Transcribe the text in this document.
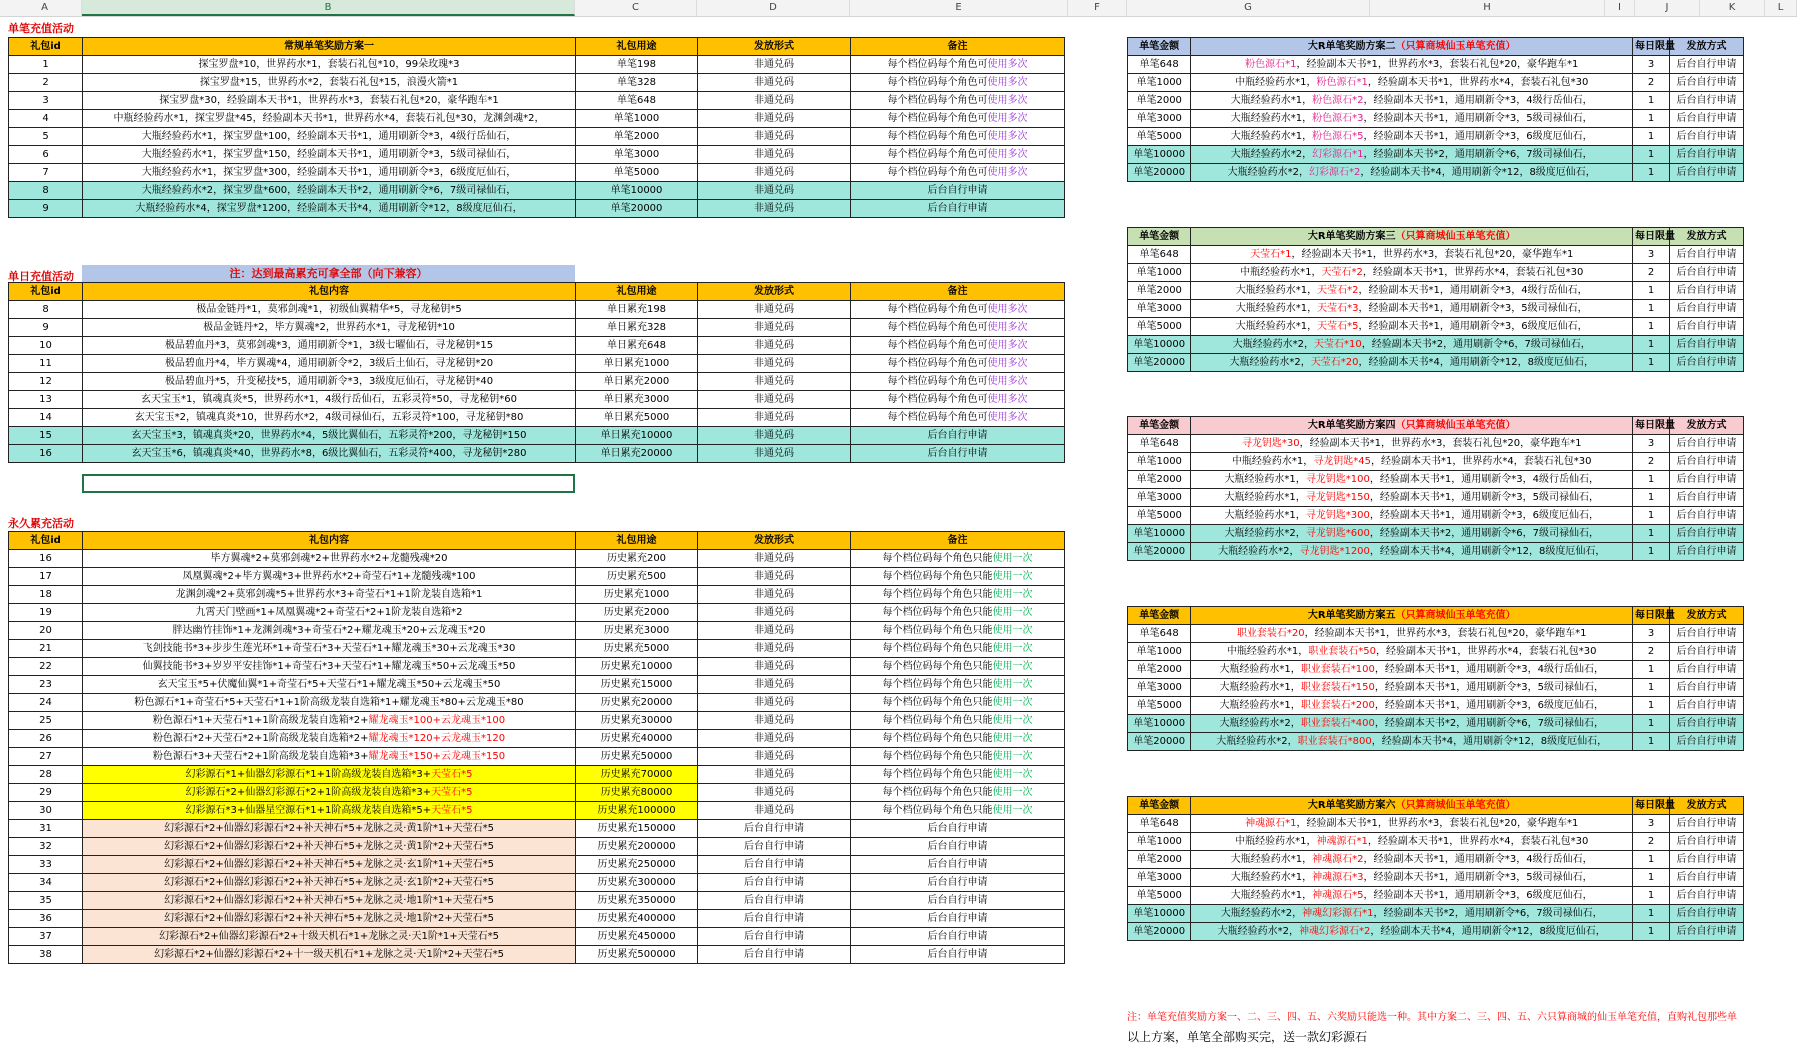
A	B	C	D	E	F	G	H	I	J	K	L
单笔充值活动
礼包id	常规单笔奖励方案一	礼包用途	发放形式	备注
1	探宝罗盘*10，世界药水*1，套装石礼包*10，99朵玫瑰*3	单笔198	非通兑码	每个档位码每个角色可使用多次
2	探宝罗盘*15，世界药水*2，套装石礼包*15，浪漫火箭*1	单笔328	非通兑码	每个档位码每个角色可使用多次
3	探宝罗盘*30，经验副本天书*1，世界药水*3，套装石礼包*20，豪华跑车*1	单笔648	非通兑码	每个档位码每个角色可使用多次
4	中瓶经验药水*1，探宝罗盘*45，经验副本天书*1，世界药水*4，套装石礼包*30，龙渊剑魂*2，	单笔1000	非通兑码	每个档位码每个角色可使用多次
5	大瓶经验药水*1，探宝罗盘*100，经验副本天书*1，通用刷新令*3，4级行岳仙石，	单笔2000	非通兑码	每个档位码每个角色可使用多次
6	大瓶经验药水*1，探宝罗盘*150，经验副本天书*1，通用刷新令*3，5级司禄仙石，	单笔3000	非通兑码	每个档位码每个角色可使用多次
7	大瓶经验药水*1，探宝罗盘*300，经验副本天书*1，通用刷新令*3，6级度厄仙石，	单笔5000	非通兑码	每个档位码每个角色可使用多次
8	大瓶经验药水*2，探宝罗盘*600，经验副本天书*2，通用刷新令*6，7级司禄仙石，	单笔10000	非通兑码	后台自行申请
9	大瓶经验药水*4，探宝罗盘*1200，经验副本天书*4，通用刷新令*12，8级度厄仙石，	单笔20000	非通兑码	后台自行申请
单日充值活动	注：达到最高累充可拿全部（向下兼容）
礼包id	礼包内容	礼包用途	发放形式	备注
8	极品金链丹*1，莫邪剑魂*1，初级仙翼精华*5，寻龙秘钥*5	单日累充198	非通兑码	每个档位码每个角色可使用多次
9	极品金链丹*2，毕方翼魂*2，世界药水*1，寻龙秘钥*10	单日累充328	非通兑码	每个档位码每个角色可使用多次
10	极品碧血丹*3，莫邪剑魂*3，通用刷新令*1，3级七曜仙石，寻龙秘钥*15	单日累充648	非通兑码	每个档位码每个角色可使用多次
11	极品碧血丹*4，毕方翼魂*4，通用刷新令*2，3级后土仙石，寻龙秘钥*20	单日累充1000	非通兑码	每个档位码每个角色可使用多次
12	极品碧血丹*5，升变秘技*5，通用刷新令*3，3级度厄仙石，寻龙秘钥*40	单日累充2000	非通兑码	每个档位码每个角色可使用多次
13	玄天宝玉*1，镇魂真炎*5，世界药水*1，4级行岳仙石，五彩灵符*50，寻龙秘钥*60	单日累充3000	非通兑码	每个档位码每个角色可使用多次
14	玄天宝玉*2，镇魂真炎*10，世界药水*2，4级司禄仙石，五彩灵符*100，寻龙秘钥*80	单日累充5000	非通兑码	每个档位码每个角色可使用多次
15	玄天宝玉*3，镇魂真炎*20，世界药水*4，5级比翼仙石，五彩灵符*200，寻龙秘钥*150	单日累充10000	非通兑码	后台自行申请
16	玄天宝玉*6，镇魂真炎*40，世界药水*8，6级比翼仙石，五彩灵符*400，寻龙秘钥*280	单日累充20000	非通兑码	后台自行申请
永久累充活动
礼包id	礼包内容	礼包用途	发放形式	备注
16	毕方翼魂*2+莫邪剑魂*2+世界药水*2+龙髓残魂*20	历史累充200	非通兑码	每个档位码每个角色只能使用一次
17	凤凰翼魂*2+毕方翼魂*3+世界药水*2+奇莹石*1+龙髓残魂*100	历史累充500	非通兑码	每个档位码每个角色只能使用一次
18	龙渊剑魂*2+莫邪剑魂*5+世界药水*3+奇莹石*1+1阶龙装自选箱*1	历史累充1000	非通兑码	每个档位码每个角色只能使用一次
19	九霄天门壁画*1+凤凰翼魂*2+奇莹石*2+1阶龙装自选箱*2	历史累充2000	非通兑码	每个档位码每个角色只能使用一次
20	胖达幽竹挂饰*1+龙渊剑魂*3+奇莹石*2+耀龙魂玉*20+云龙魂玉*20	历史累充3000	非通兑码	每个档位码每个角色只能使用一次
21	飞剑技能书*3+步步生莲光环*1+奇莹石*3+天莹石*1+耀龙魂玉*30+云龙魂玉*30	历史累充5000	非通兑码	每个档位码每个角色只能使用一次
22	仙翼技能书*3+岁岁平安挂饰*1+奇莹石*3+天莹石*1+耀龙魂玉*50+云龙魂玉*50	历史累充10000	非通兑码	每个档位码每个角色只能使用一次
23	玄天宝玉*5+伏魔仙翼*1+奇莹石*5+天莹石*1+耀龙魂玉*50+云龙魂玉*50	历史累充15000	非通兑码	每个档位码每个角色只能使用一次
24	粉色源石*1+奇莹石*5+天莹石*1+1阶高级龙装自选箱*1+耀龙魂玉*80+云龙魂玉*80	历史累充20000	非通兑码	每个档位码每个角色只能使用一次
25	粉色源石*1+天莹石*1+1阶高级龙装自选箱*2+耀龙魂玉*100+云龙魂玉*100	历史累充30000	非通兑码	每个档位码每个角色只能使用一次
26	粉色源石*2+天莹石*2+1阶高级龙装自选箱*2+耀龙魂玉*120+云龙魂玉*120	历史累充40000	非通兑码	每个档位码每个角色只能使用一次
27	粉色源石*3+天莹石*2+1阶高级龙装自选箱*3+耀龙魂玉*150+云龙魂玉*150	历史累充50000	非通兑码	每个档位码每个角色只能使用一次
28	幻彩源石*1+仙器幻彩源石*1+1阶高级龙装自选箱*3+天莹石*5	历史累充70000	非通兑码	每个档位码每个角色只能使用一次
29	幻彩源石*2+仙器幻彩源石*2+1阶高级龙装自选箱*3+天莹石*5	历史累充80000	非通兑码	每个档位码每个角色只能使用一次
30	幻彩源石*3+仙器星空源石*1+1阶高级龙装自选箱*5+天莹石*5	历史累充100000	非通兑码	每个档位码每个角色只能使用一次
31	幻彩源石*2+仙器幻彩源石*2+补天神石*5+龙脉之灵·黄1阶*1+天莹石*5	历史累充150000	后台自行申请	后台自行申请
32	幻彩源石*2+仙器幻彩源石*2+补天神石*5+龙脉之灵·黄1阶*2+天莹石*5	历史累充200000	后台自行申请	后台自行申请
33	幻彩源石*2+仙器幻彩源石*2+补天神石*5+龙脉之灵·玄1阶*1+天莹石*5	历史累充250000	后台自行申请	后台自行申请
34	幻彩源石*2+仙器幻彩源石*2+补天神石*5+龙脉之灵·玄1阶*2+天莹石*5	历史累充300000	后台自行申请	后台自行申请
35	幻彩源石*2+仙器幻彩源石*2+补天神石*5+龙脉之灵·地1阶*1+天莹石*5	历史累充350000	后台自行申请	后台自行申请
36	幻彩源石*2+仙器幻彩源石*2+补天神石*5+龙脉之灵·地1阶*2+天莹石*5	历史累充400000	后台自行申请	后台自行申请
37	幻彩源石*2+仙器幻彩源石*2+十级天机石*1+龙脉之灵·天1阶*1+天莹石*5	历史累充450000	后台自行申请	后台自行申请
38	幻彩源石*2+仙器幻彩源石*2+十一级天机石*1+龙脉之灵·天1阶*2+天莹石*5	历史累充500000	后台自行申请	后台自行申请
单笔金额	大R单笔奖励方案二（只算商城仙玉单笔充值）	每日限量	发放方式
单笔648	粉色源石*1，经验副本天书*1，世界药水*3，套装石礼包*20，豪华跑车*1	3	后台自行申请
单笔1000	中瓶经验药水*1，粉色源石*1，经验副本天书*1，世界药水*4，套装石礼包*30	2	后台自行申请
单笔2000	大瓶经验药水*1，粉色源石*2，经验副本天书*1，通用刷新令*3，4级行岳仙石，	1	后台自行申请
单笔3000	大瓶经验药水*1，粉色源石*3，经验副本天书*1，通用刷新令*3，5级司禄仙石，	1	后台自行申请
单笔5000	大瓶经验药水*1，粉色源石*5，经验副本天书*1，通用刷新令*3，6级度厄仙石，	1	后台自行申请
单笔10000	大瓶经验药水*2，幻彩源石*1，经验副本天书*2，通用刷新令*6，7级司禄仙石，	1	后台自行申请
单笔20000	大瓶经验药水*2，幻彩源石*2，经验副本天书*4，通用刷新令*12，8级度厄仙石，	1	后台自行申请
单笔金额	大R单笔奖励方案三（只算商城仙玉单笔充值）	每日限量	发放方式
单笔648	天莹石*1，经验副本天书*1，世界药水*3，套装石礼包*20，豪华跑车*1	3	后台自行申请
单笔1000	中瓶经验药水*1，天莹石*2，经验副本天书*1，世界药水*4，套装石礼包*30	2	后台自行申请
单笔2000	大瓶经验药水*1，天莹石*2，经验副本天书*1，通用刷新令*3，4级行岳仙石，	1	后台自行申请
单笔3000	大瓶经验药水*1，天莹石*3，经验副本天书*1，通用刷新令*3，5级司禄仙石，	1	后台自行申请
单笔5000	大瓶经验药水*1，天莹石*5，经验副本天书*1，通用刷新令*3，6级度厄仙石，	1	后台自行申请
单笔10000	大瓶经验药水*2，天莹石*10，经验副本天书*2，通用刷新令*6，7级司禄仙石，	1	后台自行申请
单笔20000	大瓶经验药水*2，天莹石*20，经验副本天书*4，通用刷新令*12，8级度厄仙石，	1	后台自行申请
单笔金额	大R单笔奖励方案四（只算商城仙玉单笔充值）	每日限量	发放方式
单笔648	寻龙钥匙*30，经验副本天书*1，世界药水*3，套装石礼包*20，豪华跑车*1	3	后台自行申请
单笔1000	中瓶经验药水*1，寻龙钥匙*45，经验副本天书*1，世界药水*4，套装石礼包*30	2	后台自行申请
单笔2000	大瓶经验药水*1，寻龙钥匙*100，经验副本天书*1，通用刷新令*3，4级行岳仙石，	1	后台自行申请
单笔3000	大瓶经验药水*1，寻龙钥匙*150，经验副本天书*1，通用刷新令*3，5级司禄仙石，	1	后台自行申请
单笔5000	大瓶经验药水*1，寻龙钥匙*300，经验副本天书*1，通用刷新令*3，6级度厄仙石，	1	后台自行申请
单笔10000	大瓶经验药水*2，寻龙钥匙*600，经验副本天书*2，通用刷新令*6，7级司禄仙石，	1	后台自行申请
单笔20000	大瓶经验药水*2，寻龙钥匙*1200，经验副本天书*4，通用刷新令*12，8级度厄仙石，	1	后台自行申请
单笔金额	大R单笔奖励方案五（只算商城仙玉单笔充值）	每日限量	发放方式
单笔648	职业套装石*20，经验副本天书*1，世界药水*3，套装石礼包*20，豪华跑车*1	3	后台自行申请
单笔1000	中瓶经验药水*1，职业套装石*50，经验副本天书*1，世界药水*4，套装石礼包*30	2	后台自行申请
单笔2000	大瓶经验药水*1，职业套装石*100，经验副本天书*1，通用刷新令*3，4级行岳仙石，	1	后台自行申请
单笔3000	大瓶经验药水*1，职业套装石*150，经验副本天书*1，通用刷新令*3，5级司禄仙石，	1	后台自行申请
单笔5000	大瓶经验药水*1，职业套装石*200，经验副本天书*1，通用刷新令*3，6级度厄仙石，	1	后台自行申请
单笔10000	大瓶经验药水*2，职业套装石*400，经验副本天书*2，通用刷新令*6，7级司禄仙石，	1	后台自行申请
单笔20000	大瓶经验药水*2，职业套装石*800，经验副本天书*4，通用刷新令*12，8级度厄仙石，	1	后台自行申请
单笔金额	大R单笔奖励方案六（只算商城仙玉单笔充值）	每日限量	发放方式
单笔648	神魂源石*1，经验副本天书*1，世界药水*3，套装石礼包*20，豪华跑车*1	3	后台自行申请
单笔1000	中瓶经验药水*1，神魂源石*1，经验副本天书*1，世界药水*4，套装石礼包*30	2	后台自行申请
单笔2000	大瓶经验药水*1，神魂源石*2，经验副本天书*1，通用刷新令*3，4级行岳仙石，	1	后台自行申请
单笔3000	大瓶经验药水*1，神魂源石*3，经验副本天书*1，通用刷新令*3，5级司禄仙石，	1	后台自行申请
单笔5000	大瓶经验药水*1，神魂源石*5，经验副本天书*1，通用刷新令*3，6级度厄仙石，	1	后台自行申请
单笔10000	大瓶经验药水*2，神魂幻彩源石*1，经验副本天书*2，通用刷新令*6，7级司禄仙石，	1	后台自行申请
单笔20000	大瓶经验药水*2，神魂幻彩源石*2，经验副本天书*4，通用刷新令*12，8级度厄仙石，	1	后台自行申请
注：单笔充值奖励方案一、二、三、四、五、六奖励只能选一种。其中方案二、三、四、五、六只算商城的仙玉单笔充值，直购礼包那些单
以上方案，单笔全部购买完，送一款幻彩源石
